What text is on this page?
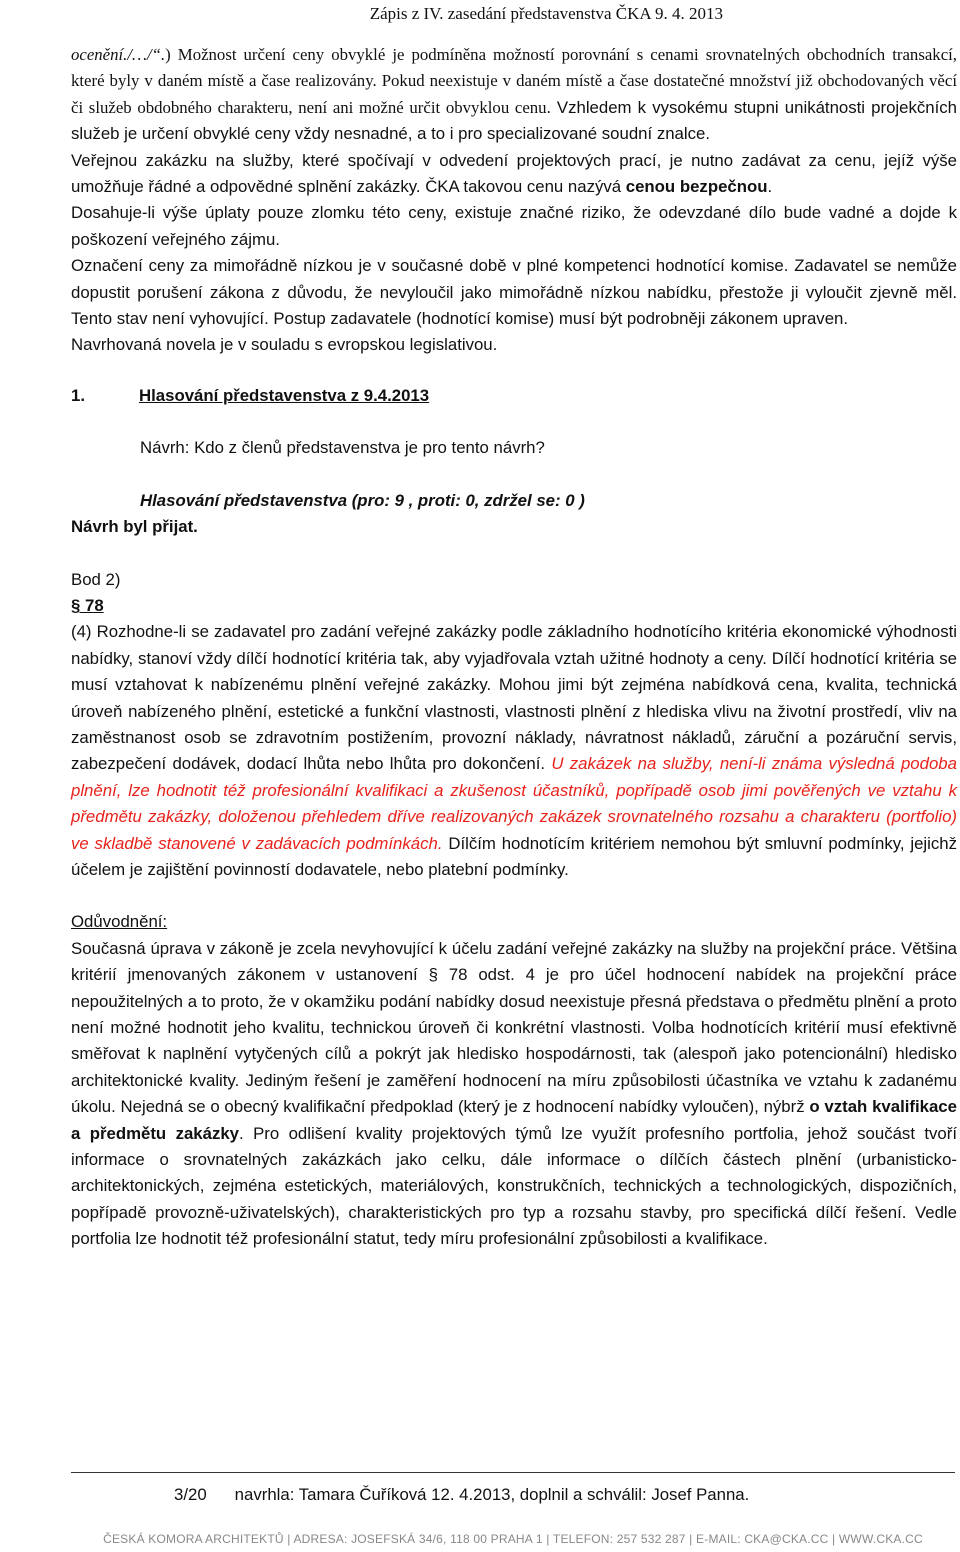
Zápis z IV. zasedání představenstva ČKA 9. 4. 2013

ocenění./…/“.) Možnost určení ceny obvyklé je podmíněna možností porovnání s cenami srovnatelných obchodních transakcí, které byly v daném místě a čase realizovány. Pokud neexistuje v daném místě a čase dostatečné množství již obchodovaných věcí či služeb obdobného charakteru, není ani možné určit obvyklou cenu. Vzhledem k vysokému stupni unikátnosti projekčních služeb je určení obvyklé ceny vždy nesnadné, a to i pro specializované soudní znalce.

Veřejnou zakázku na služby, které spočívají v odvedení projektových prací, je nutno zadávat za cenu, jejíž výše umožňuje řádné a odpovědné splnění zakázky. ČKA takovou cenu nazývá cenou bezpečnou.

Dosahuje-li výše úplaty pouze zlomku této ceny, existuje značné riziko, že odevzdané dílo bude vadné a dojde k poškození veřejného zájmu.

Označení ceny za mimořádně nízkou je v současné době v plné kompetenci hodnotící komise. Zadavatel se nemůže dopustit porušení zákona z důvodu, že nevyloučil jako mimořádně nízkou nabídku, přestože ji vyloučit zjevně měl. Tento stav není vyhovující. Postup zadavatele (hodnotící komise) musí být podrobněji zákonem upraven.

Navrhovaná novela je v souladu s evropskou legislativou.

1.	Hlasování představenstva z 9.4.2013

Návrh: Kdo z členů představenstva je pro tento návrh?

Hlasování představenstva (pro: 9 , proti: 0, zdržel se: 0 )

Návrh byl přijat.

Bod 2)

§ 78

(4) Rozhodne-li se zadavatel pro zadání veřejné zakázky podle základního hodnotícího kritéria ekonomické výhodnosti nabídky, stanoví vždy dílčí hodnotící kritéria tak, aby vyjadřovala vztah užitné hodnoty a ceny. Dílčí hodnotící kritéria se musí vztahovat k nabízenému plnění veřejné zakázky. Mohou jimi být zejména nabídková cena, kvalita, technická úroveň nabízeného plnění, estetické a funkční vlastnosti, vlastnosti plnění z hlediska vlivu na životní prostředí, vliv na zaměstnanost osob se zdravotním postižením, provozní náklady, návratnost nákladů, záruční a pozáruční servis, zabezpečení dodávek, dodací lhůta nebo lhůta pro dokončení. U zakázek na služby, není-li známa výsledná podoba plnění, lze hodnotit též profesionální kvalifikaci a zkušenost účastníků, popřípadě osob jimi pověřených ve vztahu k předmětu zakázky, doloženou přehledem dříve realizovaných zakázek srovnatelného rozsahu a charakteru (portfolio) ve skladbě stanovené v zadávacích podmínkách. Dílčím hodnotícím kritériem nemohou být smluvní podmínky, jejichž účelem je zajištění povinností dodavatele, nebo platební podmínky.

Odůvodnění:

Současná úprava v zákoně je zcela nevyhovující k účelu zadání veřejné zakázky na služby na projekční práce. Většina kritérií jmenovaných zákonem v ustanovení § 78 odst. 4 je pro účel hodnocení nabídek na projekční práce nepoužitelných a to proto, že v okamžiku podání nabídky dosud neexistuje přesná představa o předmětu plnění a proto není možné hodnotit jeho kvalitu, technickou úroveň či konkrétní vlastnosti. Volba hodnotících kritérií musí efektivně směřovat k naplnění vytyčených cílů a pokrýt jak hledisko hospodárnosti, tak (alespoň jako potencionální) hledisko architektonické kvality. Jediným řešení je zaměření hodnocení na míru způsobilosti účastníka ve vztahu k zadanému úkolu. Nejedná se o obecný kvalifikační předpoklad (který je z hodnocení nabídky vyloučen), nýbrž o vztah kvalifikace a předmětu zakázky. Pro odlišení kvality projektových týmů lze využít profesního portfolia, jehož součást tvoří informace o srovnatelných zakázkách jako celku, dále informace o dílčích částech plnění (urbanisticko-architektonických, zejména estetických, materiálových, konstrukčních, technických a technologických, dispozičních, popřípadě provozně-uživatelských), charakteristických pro typ a rozsahu stavby, pro specifická dílčí řešení. Vedle portfolia lze hodnotit též profesionální statut, tedy míru profesionální způsobilosti a kvalifikace.

3/20 navrhla: Tamara Čuříková 12. 4.2013, doplnil a schválil: Josef Panna.
ČESKÁ KOMORA ARCHITEKTŮ | ADRESA: JOSEFSKÁ 34/6, 118 00 PRAHA 1 | TELEFON: 257 532 287 | E-MAIL: CKA@CKA.CC | WWW.CKA.CC
